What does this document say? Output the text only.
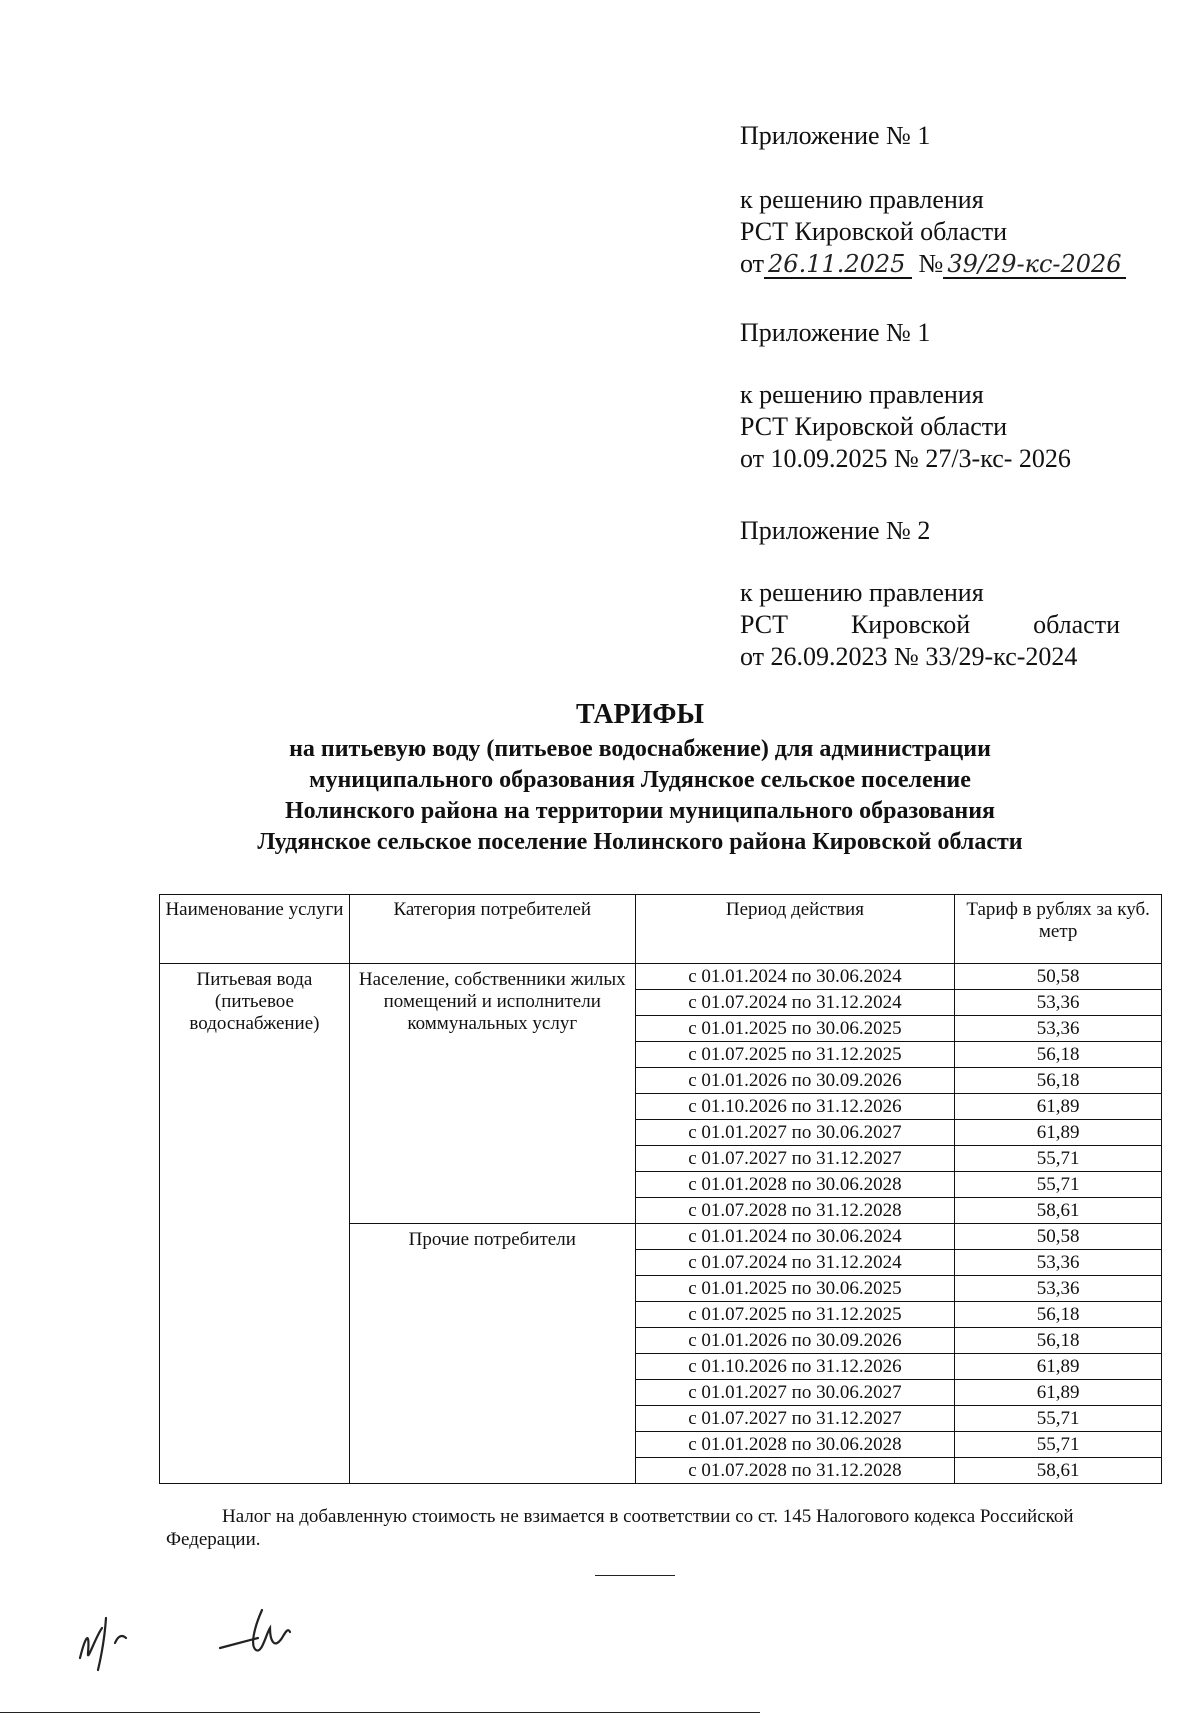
Приложение № 1
к решению правления
РСТ Кировской области
от 26.11.2025 № 39/29-кс-2026
Приложение № 1
к решению правления
РСТ Кировской области
от 10.09.2025 № 27/3-кс- 2026
Приложение № 2
к решению правления
РСТ Кировской области
от 26.09.2023 № 33/29-кс-2024
ТАРИФЫ
на питьевую воду (питьевое водоснабжение) для администрации
муниципального образования Лудянское сельское поселение
Нолинского района на территории муниципального образования
Лудянское сельское поселение Нолинского района Кировской области
Наименование услуги	Категория потребителей	Период действия	Тариф в рублях за куб. метр
Питьевая вода (питьевое водоснабжение)	Население, собственники жилых помещений и исполнители коммунальных услуг	с 01.01.2024 по 30.06.2024	50,58
		с 01.07.2024 по 31.12.2024	53,36
		с 01.01.2025 по 30.06.2025	53,36
		с 01.07.2025 по 31.12.2025	56,18
		с 01.01.2026 по 30.09.2026	56,18
		с 01.10.2026 по 31.12.2026	61,89
		с 01.01.2027 по 30.06.2027	61,89
		с 01.07.2027 по 31.12.2027	55,71
		с 01.01.2028 по 30.06.2028	55,71
		с 01.07.2028 по 31.12.2028	58,61
	Прочие потребители	с 01.01.2024 по 30.06.2024	50,58
		с 01.07.2024 по 31.12.2024	53,36
		с 01.01.2025 по 30.06.2025	53,36
		с 01.07.2025 по 31.12.2025	56,18
		с 01.01.2026 по 30.09.2026	56,18
		с 01.10.2026 по 31.12.2026	61,89
		с 01.01.2027 по 30.06.2027	61,89
		с 01.07.2027 по 31.12.2027	55,71
		с 01.01.2028 по 30.06.2028	55,71
		с 01.07.2028 по 31.12.2028	58,61
Налог на добавленную стоимость не взимается в соответствии со ст. 145 Налогового кодекса Российской Федерации.
